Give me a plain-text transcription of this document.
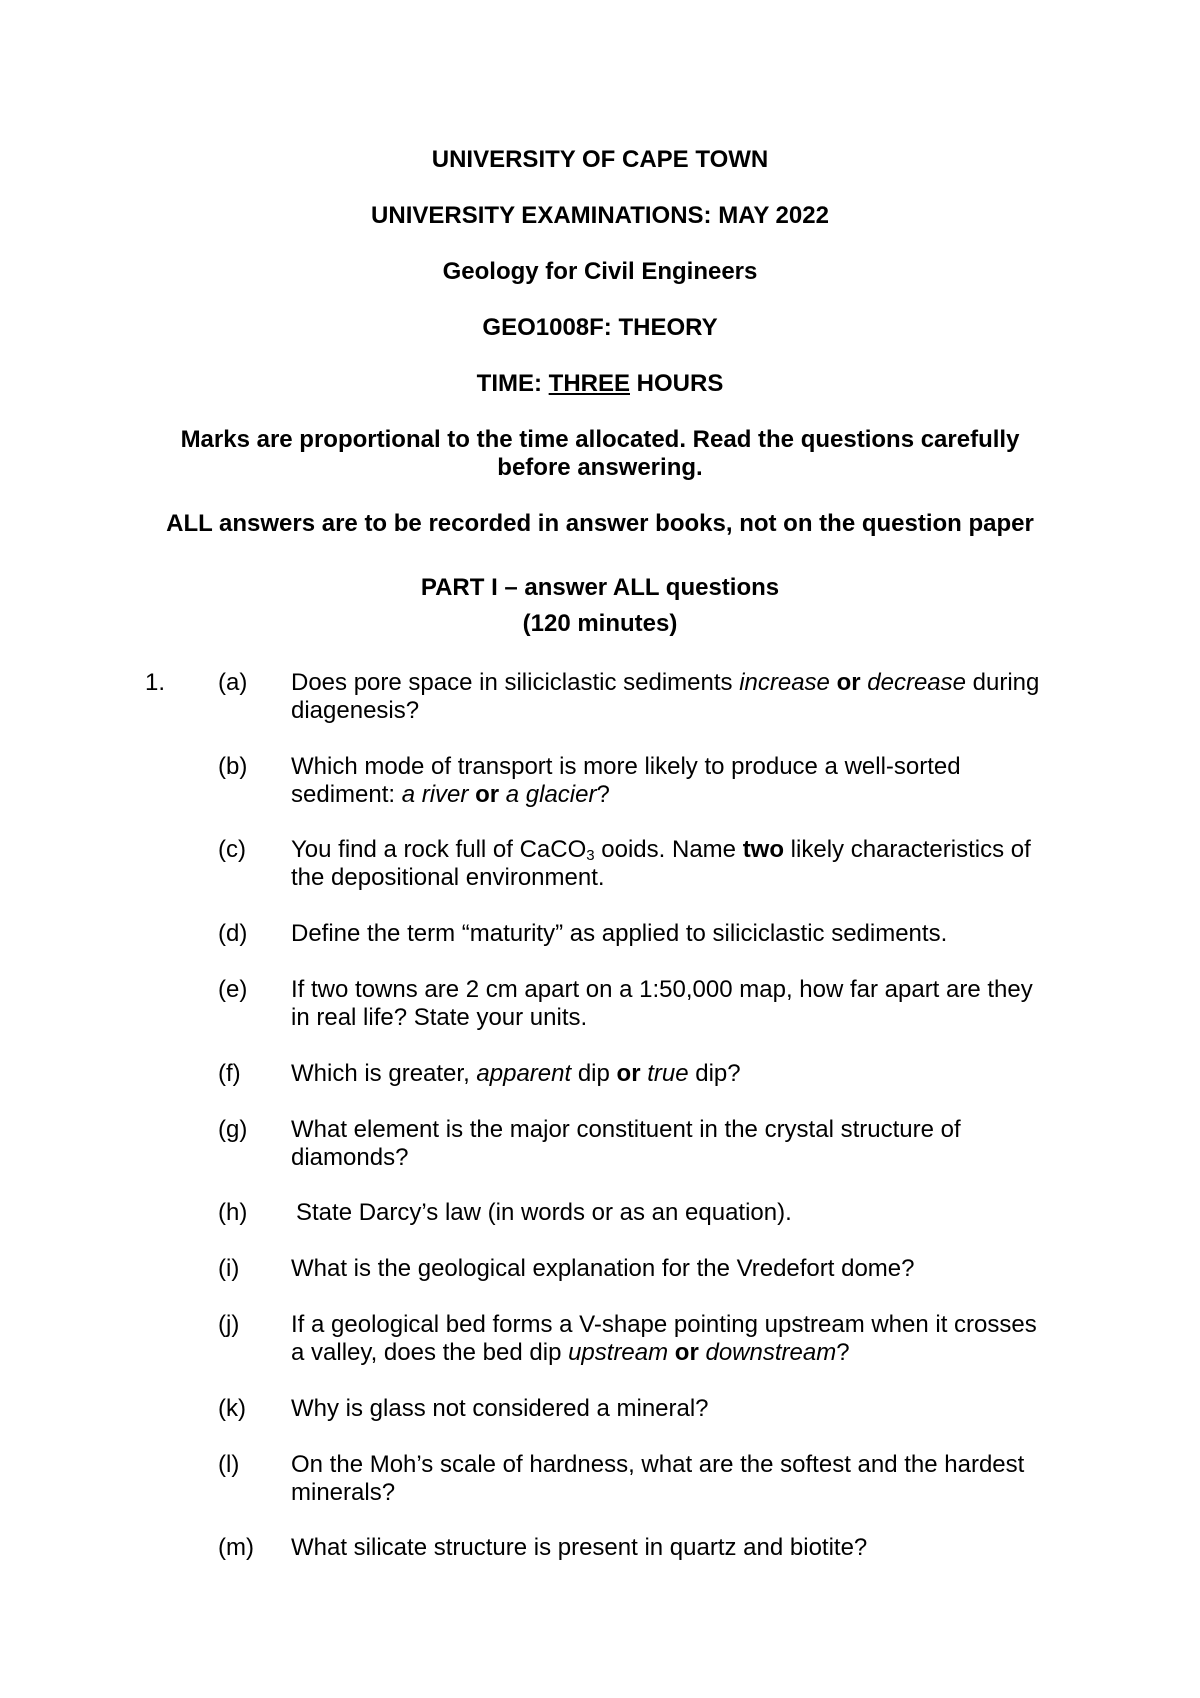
UNIVERSITY OF CAPE TOWN

UNIVERSITY EXAMINATIONS: MAY 2022

Geology for Civil Engineers

GEO1008F: THEORY

TIME: THREE HOURS

Marks are proportional to the time allocated. Read the questions carefully

before answering.

ALL answers are to be recorded in answer books, not on the question paper

PART I – answer ALL questions

(120 minutes)

1. (a) Does pore space in siliciclastic sediments increase or decrease during
diagenesis?
(b) Which mode of transport is more likely to produce a well-sorted
sediment: a river or a glacier?
(c) You find a rock full of CaCO$_3$ ooids. Name two likely characteristics of
the depositional environment.
(d) Define the term “maturity” as applied to siliciclastic sediments.
(e) If two towns are 2 cm apart on a 1:50,000 map, how far apart are they
in real life? State your units.
(f) Which is greater, apparent dip or true dip?
(g) What element is the major constituent in the crystal structure of
diamonds?
(h) State Darcy’s law (in words or as an equation).
(i) What is the geological explanation for the Vredefort dome?
(j) If a geological bed forms a V-shape pointing upstream when it crosses
a valley, does the bed dip upstream or downstream?
(k) Why is glass not considered a mineral?
(l) On the Moh’s scale of hardness, what are the softest and the hardest
minerals?
(m) What silicate structure is present in quartz and biotite?
